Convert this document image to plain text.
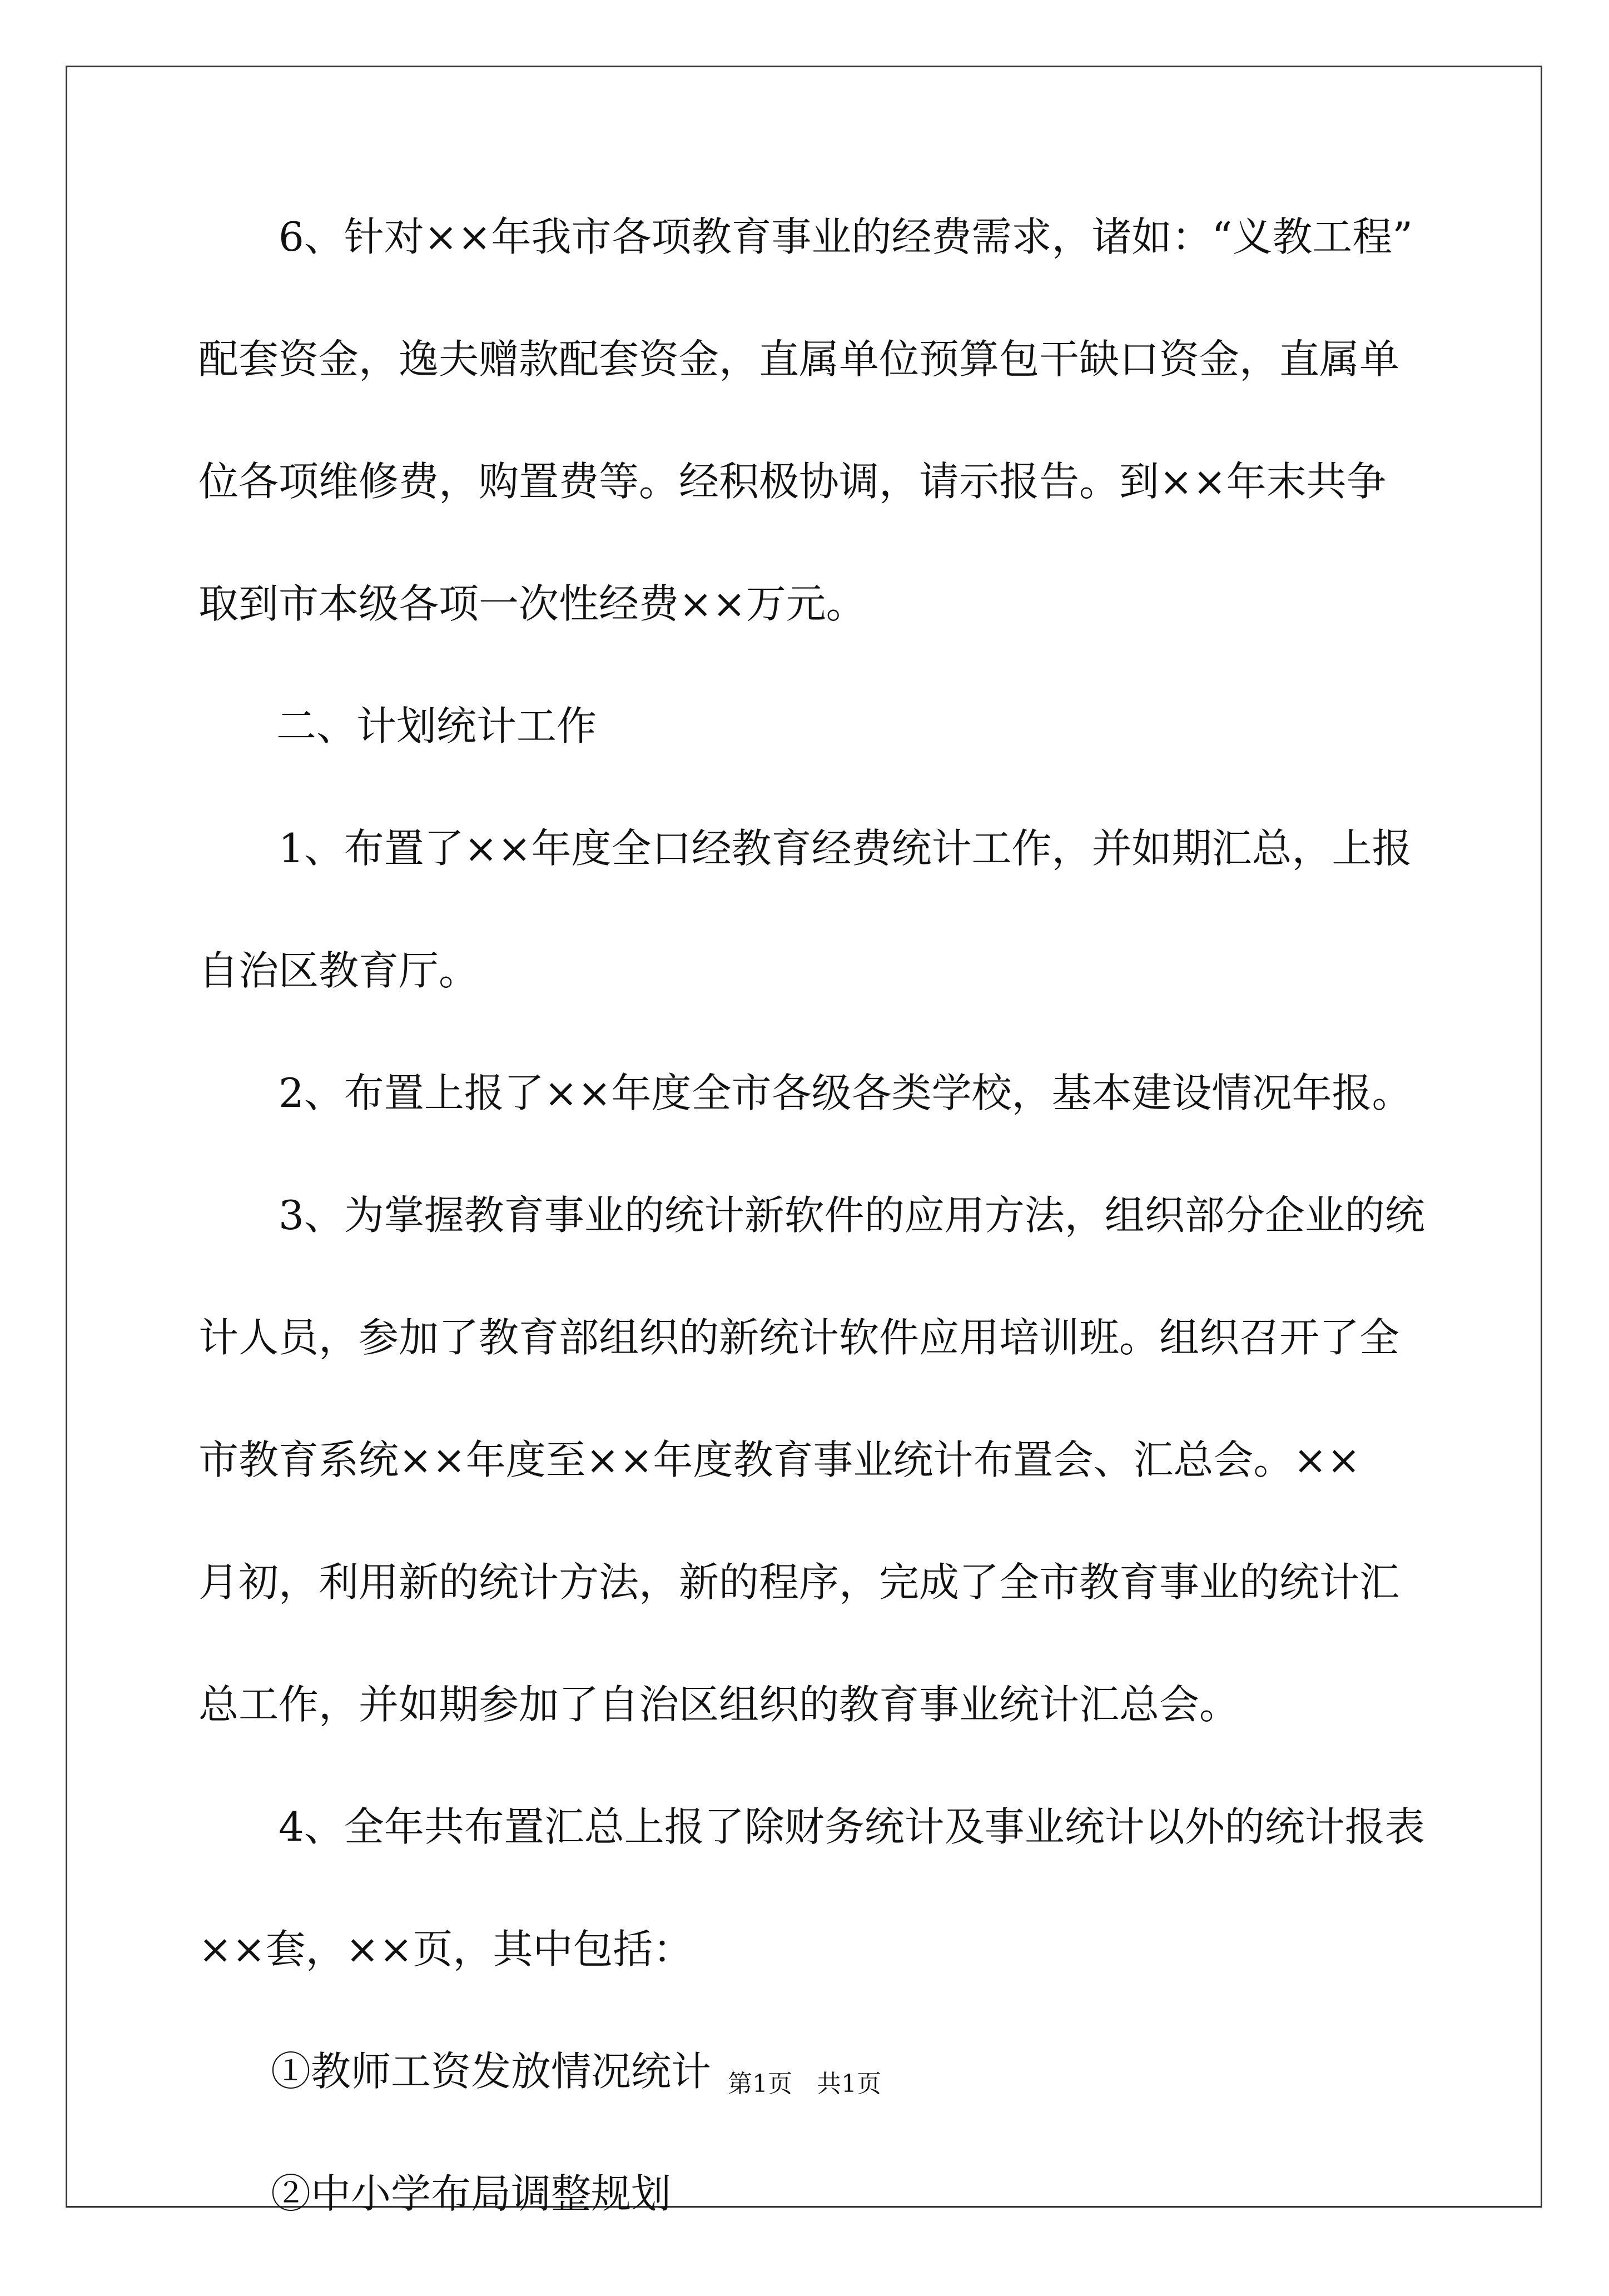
6、针对××年我市各项教育事业的经费需求，诸如：“义教工程”
配套资金，逸夫赠款配套资金，直属单位预算包干缺口资金，直属单
位各项维修费，购置费等。经积极协调，请示报告。到××年末共争
取到市本级各项一次性经费××万元。
二、计划统计工作
1、布置了××年度全口经教育经费统计工作，并如期汇总，上报
自治区教育厅。
2、布置上报了××年度全市各级各类学校，基本建设情况年报。
3、为掌握教育事业的统计新软件的应用方法，组织部分企业的统
计人员，参加了教育部组织的新统计软件应用培训班。组织召开了全
市教育系统××年度至××年度教育事业统计布置会、汇总会。××
月初，利用新的统计方法，新的程序，完成了全市教育事业的统计汇
总工作，并如期参加了自治区组织的教育事业统计汇总会。
4、全年共布置汇总上报了除财务统计及事业统计以外的统计报表
××套，××页，其中包括：
①教师工资发放情况统计
②中小学布局调整规划
第1页 共1页
